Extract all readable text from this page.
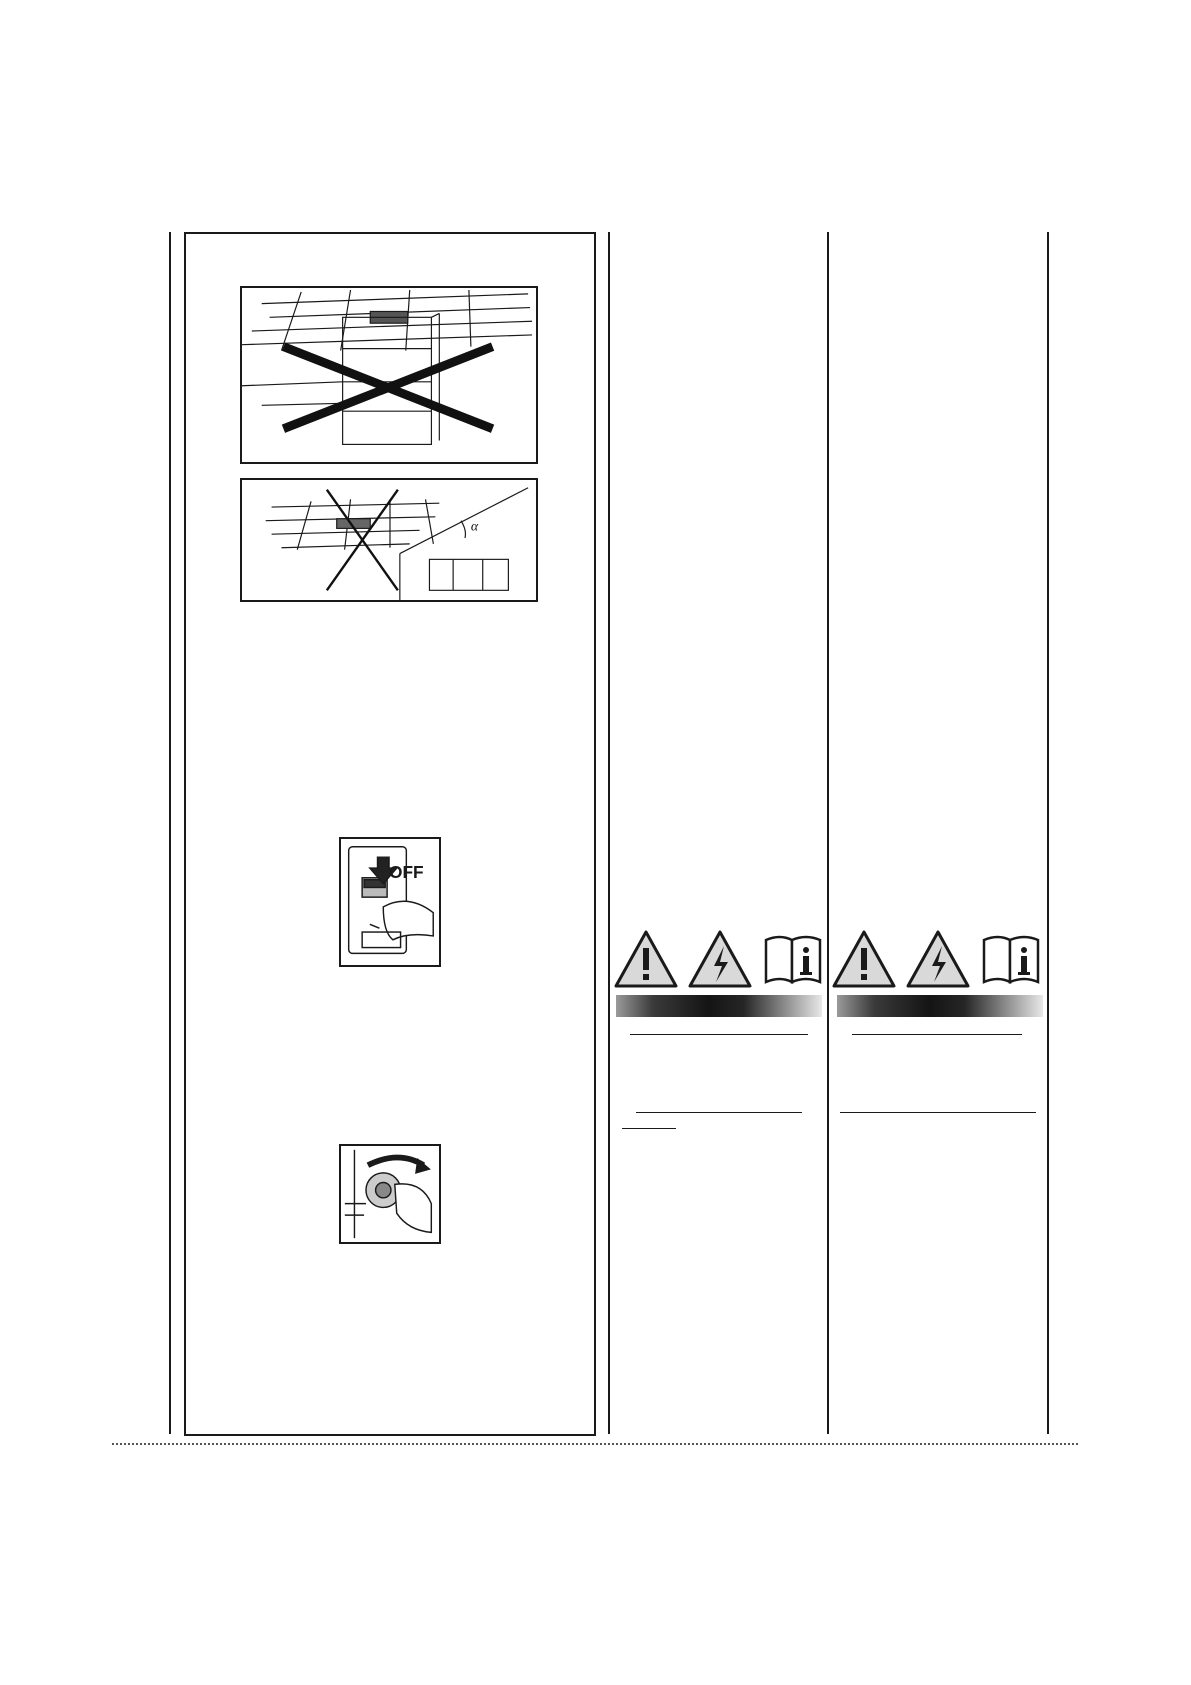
α
OFF
